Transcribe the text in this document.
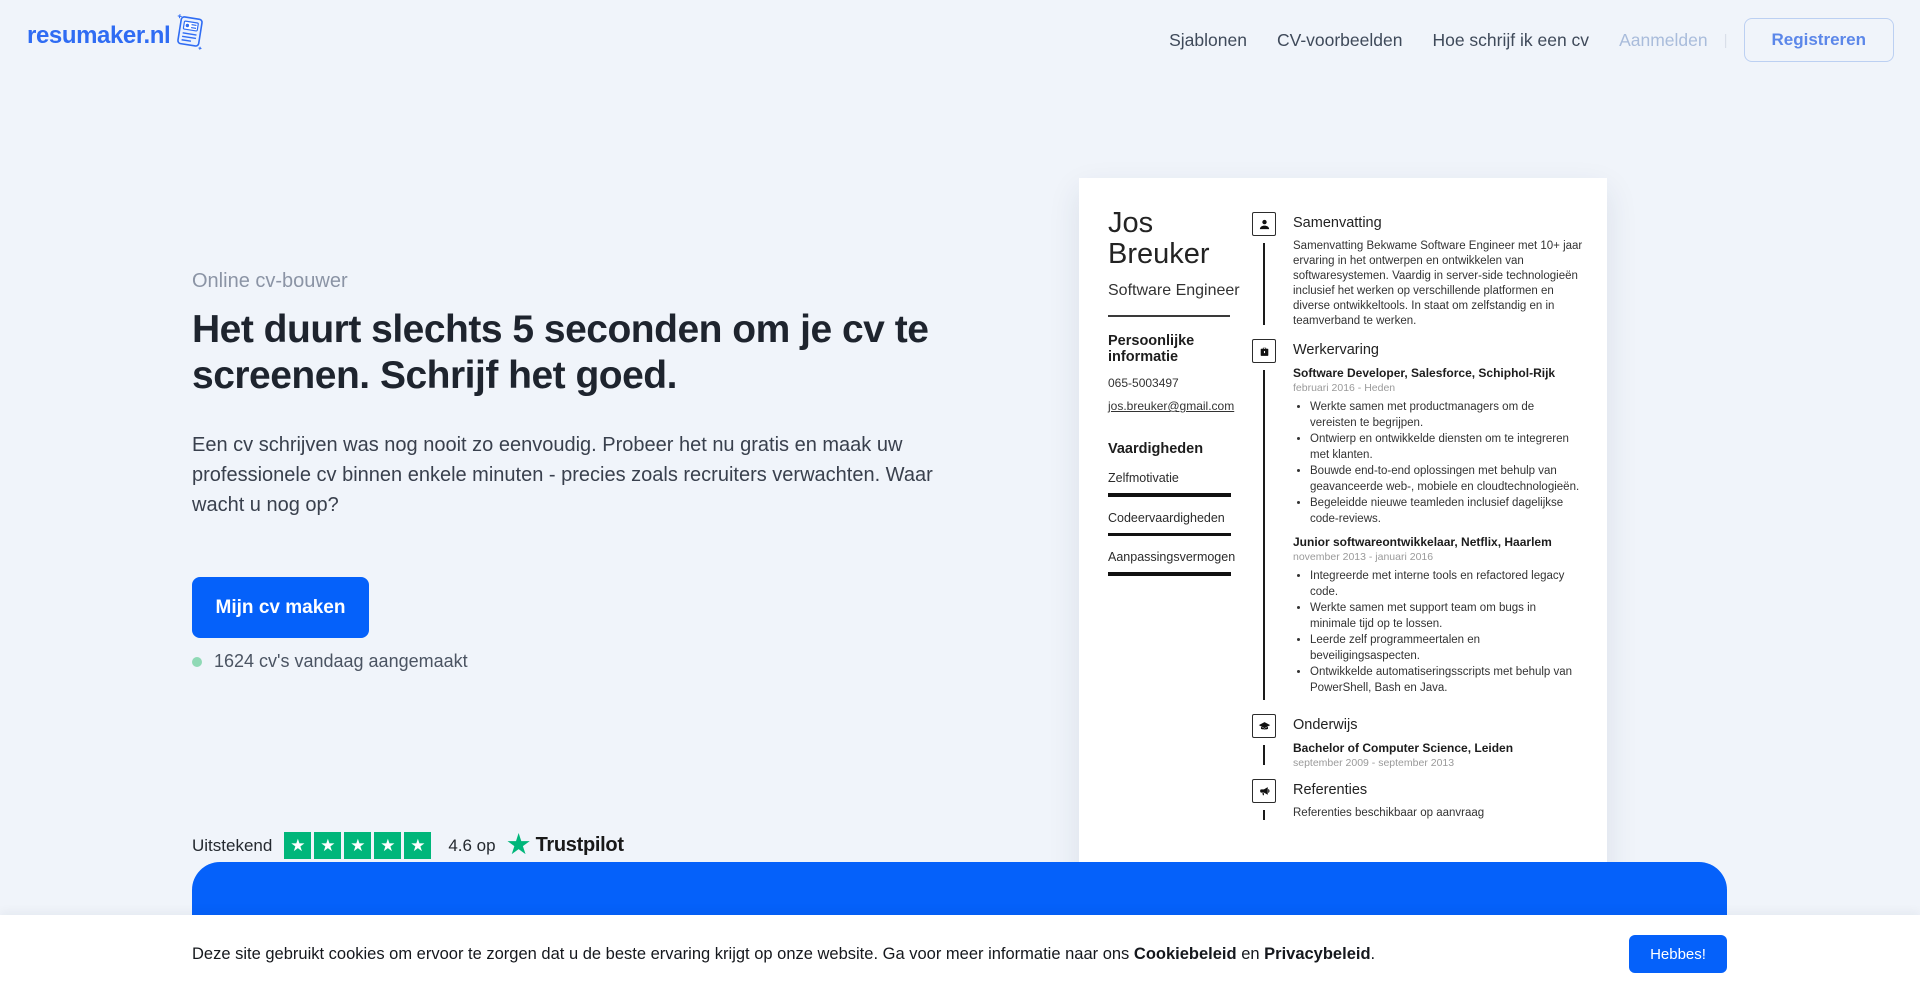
resumaker.nl	Sjablonen CV-voorbeelden Hoe schrijf ik een cv Aanmelden |	Registreren
Online cv-bouwer
Het duurt slechts 5 seconden om je cv te screenen. Schrijf het goed.

Een cv schrijven was nog nooit zo eenvoudig. Probeer het nu gratis en maak uw professionele cv binnen enkele minuten - precies zoals recruiters verwachten. Waar wacht u nog op?

Mijn cv maken
1624 cv's vandaag aangemaakt
Uitstekend ★ ★ ★ ★ ★	4.6 op ★ Trustpilot
Jos
Breuker
Software Engineer
Persoonlijke informatie
065-5003497
jos.breuker@gmail.com
Vaardigheden
Zelfmotivatie
Codeervaardigheden
Aanpassingsvermogen
Samenvatting
Samenvatting Bekwame Software Engineer met 10+ jaar ervaring in het ontwerpen en ontwikkelen van softwaresystemen. Vaardig in server-side technologieën inclusief het werken op verschillende platformen en diverse ontwikkeltools. In staat om zelfstandig en in teamverband te werken.
Werkervaring
Software Developer, Salesforce, Schiphol-Rijk
februari 2016 - Heden
• Werkte samen met productmanagers om de vereisten te begrijpen.
• Ontwierp en ontwikkelde diensten om te integreren met klanten.
• Bouwde end-to-end oplossingen met behulp van geavanceerde web-, mobiele en cloudtechnologieën.
• Begeleidde nieuwe teamleden inclusief dagelijkse code-reviews.
Junior softwareontwikkelaar, Netflix, Haarlem
november 2013 - januari 2016
• Integreerde met interne tools en refactored legacy code.
• Werkte samen met support team om bugs in minimale tijd op te lossen.
• Leerde zelf programmeertalen en beveiligingsaspecten.
• Ontwikkelde automatiseringsscripts met behulp van PowerShell, Bash en Java.
Onderwijs
Bachelor of Computer Science, Leiden
september 2009 - september 2013
Referenties
Referenties beschikbaar op aanvraag

Deze site gebruikt cookies om ervoor te zorgen dat u de beste ervaring krijgt op onze website. Ga voor meer informatie naar ons Cookiebeleid en Privacybeleid.	Hebbes!
